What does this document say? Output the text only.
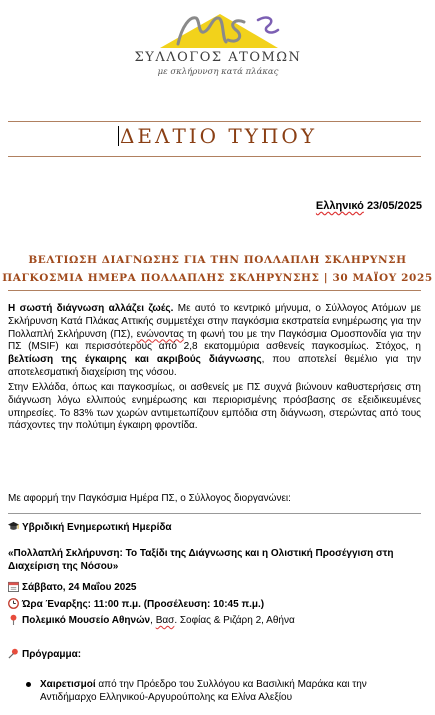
ΣΥΛΛΟΓΟΣ ΑΤΟΜΩΝ
με σκλήρυνση κατά πλάκας
ΔΕΛΤΙΟ ΤΥΠΟΥ
Ελληνικό 23/05/2025
ΒΕΛΤΙΩΣΗ ΔΙΑΓΝΩΣΗΣ ΓΙΑ ΤΗΝ ΠΟΛΛΑΠΛΗ ΣΚΛΗΡΥΝΣΗ
ΠΑΓΚΟΣΜΙΑ ΗΜΕΡΑ ΠΟΛΛΑΠΛΗΣ ΣΚΛΗΡΥΝΣΗΣ | 30 ΜΑΪΟΥ 2025
Η σωστή διάγνωση αλλάζει ζωές. Με αυτό το κεντρικό μήνυμα, ο Σύλλογος Ατόμων με Σκλήρυνση Κατά Πλάκας Αττικής συμμετέχει στην παγκόσμια εκστρατεία ενημέρωσης για την Πολλαπλή Σκλήρυνση (ΠΣ), ενώνοντας τη φωνή του με την Παγκόσμια Ομοσπονδία για την ΠΣ (MSIF) και περισσότερους από 2,8 εκατομμύρια ασθενείς παγκοσμίως. Στόχος, η βελτίωση της έγκαιρης και ακριβούς διάγνωσης, που αποτελεί θεμέλιο για την αποτελεσματική διαχείριση της νόσου.
Στην Ελλάδα, όπως και παγκοσμίως, οι ασθενείς με ΠΣ συχνά βιώνουν καθυστερήσεις στη διάγνωση λόγω ελλιπούς ενημέρωσης και περιορισμένης πρόσβασης σε εξειδικευμένες υπηρεσίες. Το 83% των χωρών αντιμετωπίζουν εμπόδια στη διάγνωση, στερώντας από τους πάσχοντες την πολύτιμη έγκαιρη φροντίδα.
Με αφορμή την Παγκόσμια Ημέρα ΠΣ, ο Σύλλογος διοργανώνει:
Υβριδική Ενημερωτική Ημερίδα
«Πολλαπλή Σκλήρυνση: Το Ταξίδι της Διάγνωσης και η Ολιστική Προσέγγιση στη Διαχείριση της Νόσου»
Σάββατο, 24 Μαΐου 2025
Ώρα Έναρξης: 11:00 π.μ. (Προσέλευση: 10:45 π.μ.)
Πολεμικό Μουσείο Αθηνών, Βασ. Σοφίας & Ριζάρη 2, Αθήνα
Πρόγραμμα:
Χαιρετισμοί από την Πρόεδρο του Συλλόγου κα Βασιλική Μαράκα και την Αντιδήμαρχο Ελληνικού-Αργυρούπολης κα Ελίνα Αλεξίου
